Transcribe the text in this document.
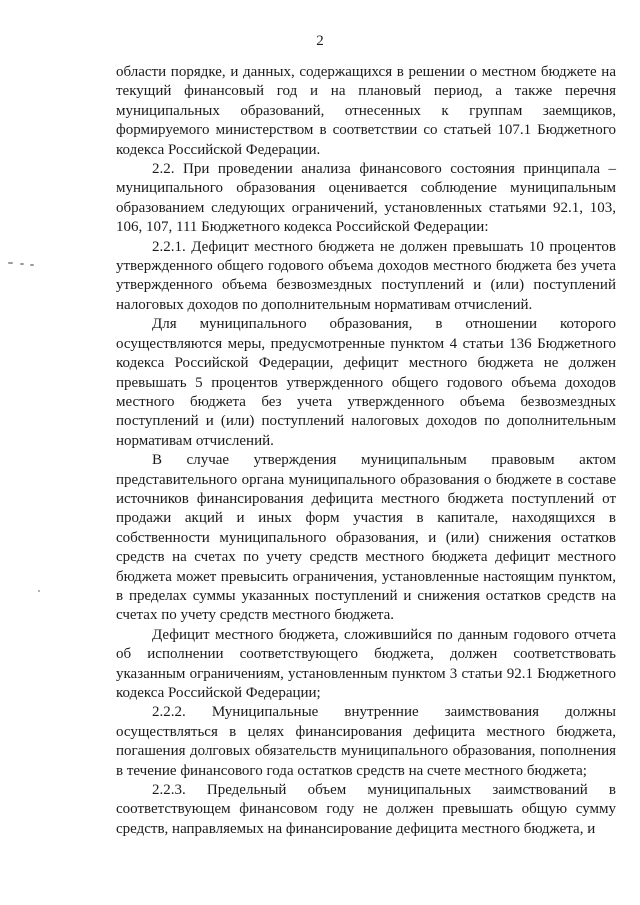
2

области порядке, и данных, содержащихся в решении о местном бюджете на текущий финансовый год и на плановый период, а также перечня муниципальных образований, отнесенных к группам заемщиков, формируемого министерством в соответствии со статьей 107.1 Бюджетного кодекса Российской Федерации.

2.2. При проведении анализа финансового состояния принципала – муниципального образования оценивается соблюдение муниципальным образованием следующих ограничений, установленных статьями 92.1, 103, 106, 107, 111 Бюджетного кодекса Российской Федерации:

2.2.1. Дефицит местного бюджета не должен превышать 10 процентов утвержденного общего годового объема доходов местного бюджета без учета утвержденного объема безвозмездных поступлений и (или) поступлений налоговых доходов по дополнительным нормативам отчислений.

Для муниципального образования, в отношении которого осуществляются меры, предусмотренные пунктом 4 статьи 136 Бюджетного кодекса Российской Федерации, дефицит местного бюджета не должен превышать 5 процентов утвержденного общего годового объема доходов местного бюджета без учета утвержденного объема безвозмездных поступлений и (или) поступлений налоговых доходов по дополнительным нормативам отчислений.

В случае утверждения муниципальным правовым актом представительного органа муниципального образования о бюджете в составе источников финансирования дефицита местного бюджета поступлений от продажи акций и иных форм участия в капитале, находящихся в собственности муниципального образования, и (или) снижения остатков средств на счетах по учету средств местного бюджета дефицит местного бюджета может превысить ограничения, установленные настоящим пунктом, в пределах суммы указанных поступлений и снижения остатков средств на счетах по учету средств местного бюджета.

Дефицит местного бюджета, сложившийся по данным годового отчета об исполнении соответствующего бюджета, должен соответствовать указанным ограничениям, установленным пунктом 3 статьи 92.1 Бюджетного кодекса Российской Федерации;

2.2.2. Муниципальные внутренние заимствования должны осуществляться в целях финансирования дефицита местного бюджета, погашения долговых обязательств муниципального образования, пополнения в течение финансового года остатков средств на счете местного бюджета;

2.2.3. Предельный объем муниципальных заимствований в соответствующем финансовом году не должен превышать общую сумму средств, направляемых на финансирование дефицита местного бюджета, и
